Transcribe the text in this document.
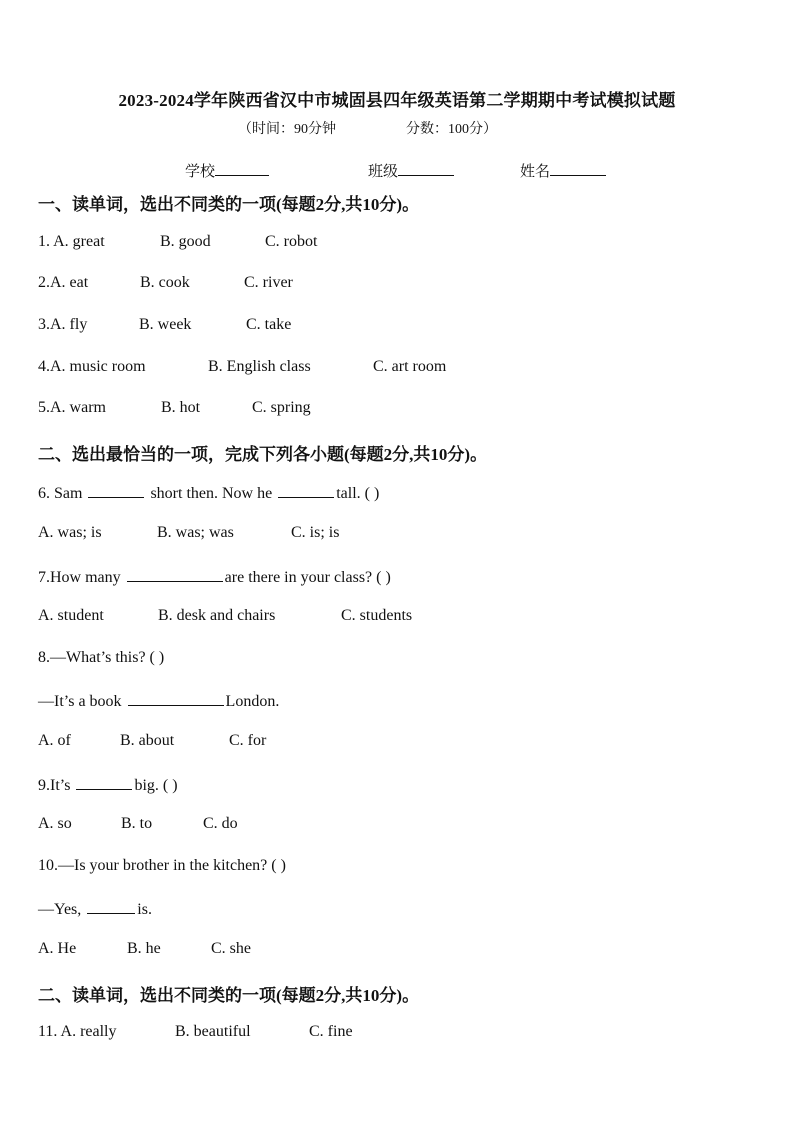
2023-2024学年陕西省汉中市城固县四年级英语第二学期期中考试模拟试题
（时间：90分钟                    分数：100分）
学校	班级	姓名
一、读单词，选出不同类的一项(每题2分,共10分)。
1. A. great	B. good	C. robot
2.A. eat	B. cook	C. river
3.A. fly	B. week	C. take
4.A. music room	B. English class	C. art room
5.A. warm	B. hot	C. spring
二、选出最恰当的一项，完成下列各小题(每题2分,共10分)。
6. Sam	short then. Now he	tall. ( )
A. was; is	B. was; was	C. is; is
7.How many	are there in your class? ( )
A. student	B. desk and chairs	C. students
8.—What’s this? ( )
—It’s a book	London.
A. of	B. about	C. for
9.It’s	big. ( )
A. so	B. to	C. do
10.—Is your brother in the kitchen? ( )
—Yes,	is.
A. He	B. he	C. she
二、读单词，选出不同类的一项(每题2分,共10分)。
11. A. really	B. beautiful	C. fine
